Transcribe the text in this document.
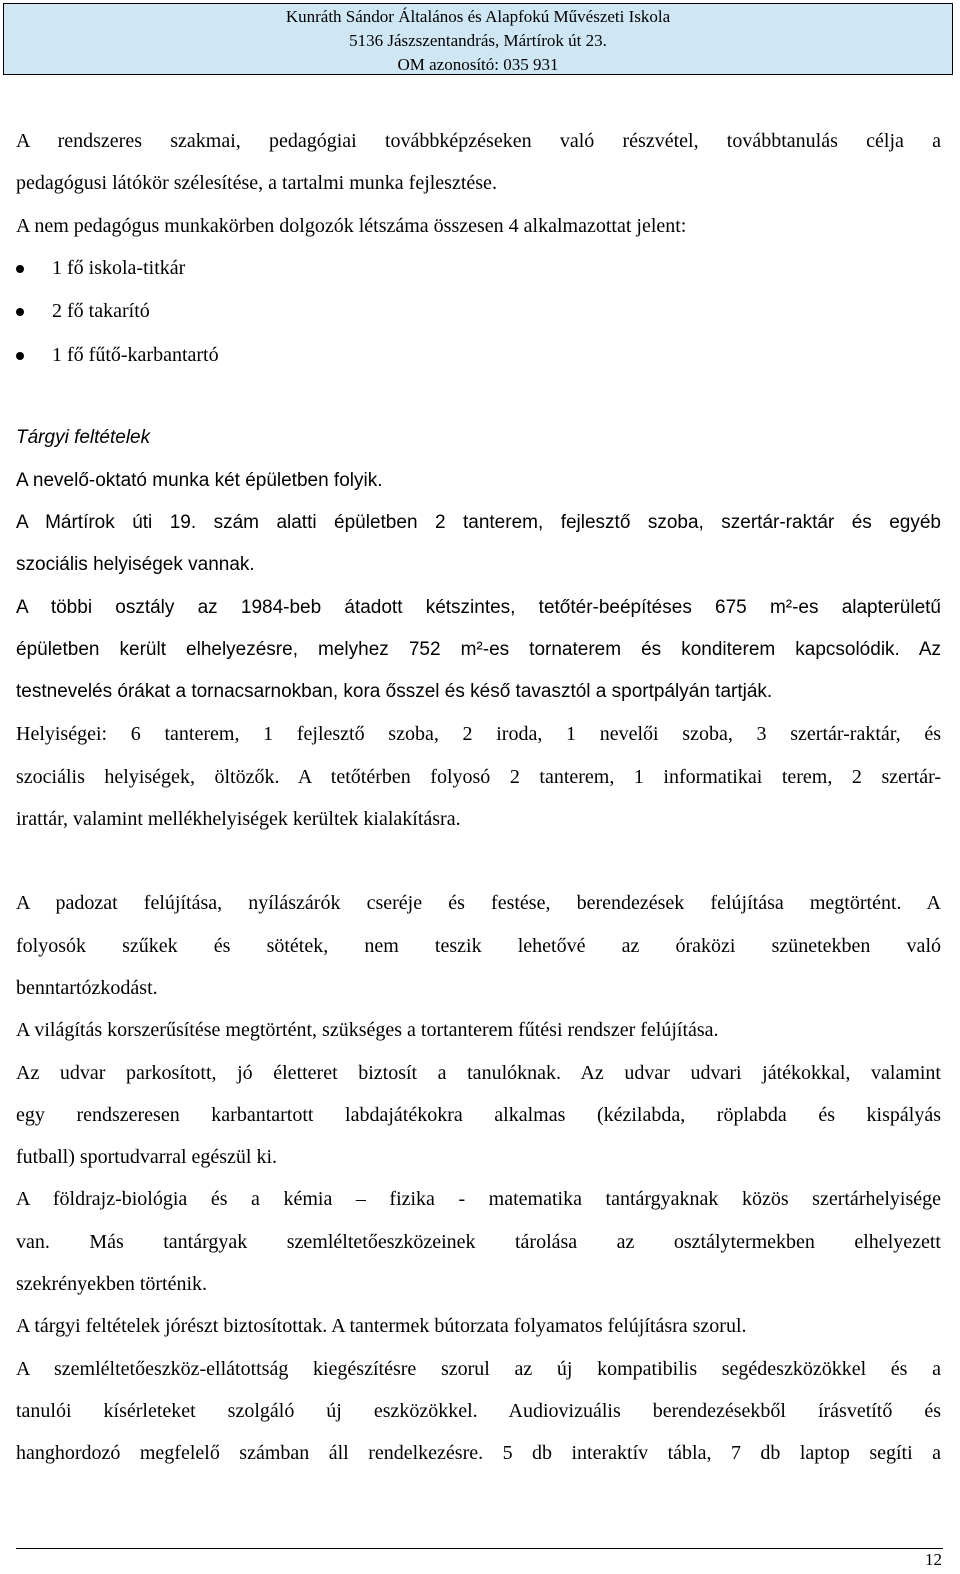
Kunráth Sándor Általános és Alapfokú Művészeti Iskola
5136 Jászszentandrás, Mártírok út 23.
OM azonosító: 035 931

A rendszeres szakmai, pedagógiai továbbképzéseken való részvétel, továbbtanulás célja a

pedagógusi látókör szélesítése, a tartalmi munka fejlesztése.

A nem pedagógus munkakörben dolgozók létszáma összesen 4 alkalmazottat jelent:

1 fő iskola-titkár
2 fő takarító
1 fő fűtő-karbantartó

Tárgyi feltételek

A nevelő-oktató munka két épületben folyik.

A Mártírok úti 19. szám alatti épületben 2 tanterem, fejlesztő szoba, szertár-raktár és egyéb

szociális helyiségek vannak.

A többi osztály az 1984-beb átadott kétszintes, tetőtér-beépítéses 675 m²-es alapterületű

épületben került elhelyezésre, melyhez 752 m²-es tornaterem és konditerem kapcsolódik. Az

testnevelés órákat a tornacsarnokban, kora ősszel és késő tavasztól a sportpályán tartják.

Helyiségei: 6 tanterem, 1 fejlesztő szoba, 2 iroda, 1 nevelői szoba, 3 szertár-raktár, és

szociális helyiségek, öltözők. A tetőtérben folyosó 2 tanterem, 1 informatikai terem, 2 szertár-

irattár, valamint mellékhelyiségek kerültek kialakításra.

A padozat felújítása, nyílászárók cseréje és festése, berendezések felújítása megtörtént. A

folyosók szűkek és sötétek, nem teszik lehetővé az óraközi szünetekben való

benntartózkodást.

A világítás korszerűsítése megtörtént, szükséges a tortanterem fűtési rendszer felújítása.

Az udvar parkosított, jó életteret biztosít a tanulóknak. Az udvar udvari játékokkal, valamint

egy rendszeresen karbantartott labdajátékokra alkalmas (kézilabda, röplabda és kispályás

futball) sportudvarral egészül ki.

A földrajz-biológia és a kémia – fizika - matematika tantárgyaknak közös szertárhelyisége

van. Más tantárgyak szemléltetőeszközeinek tárolása az osztálytermekben elhelyezett

szekrényekben történik.

A tárgyi feltételek jórészt biztosítottak. A tantermek bútorzata folyamatos felújításra szorul.

A szemléltetőeszköz-ellátottság kiegészítésre szorul az új kompatibilis segédeszközökkel és a

tanulói kísérleteket szolgáló új eszközökkel. Audiovizuális berendezésekből írásvetítő és

hanghordozó megfelelő számban áll rendelkezésre. 5 db interaktív tábla, 7 db laptop segíti a

12
